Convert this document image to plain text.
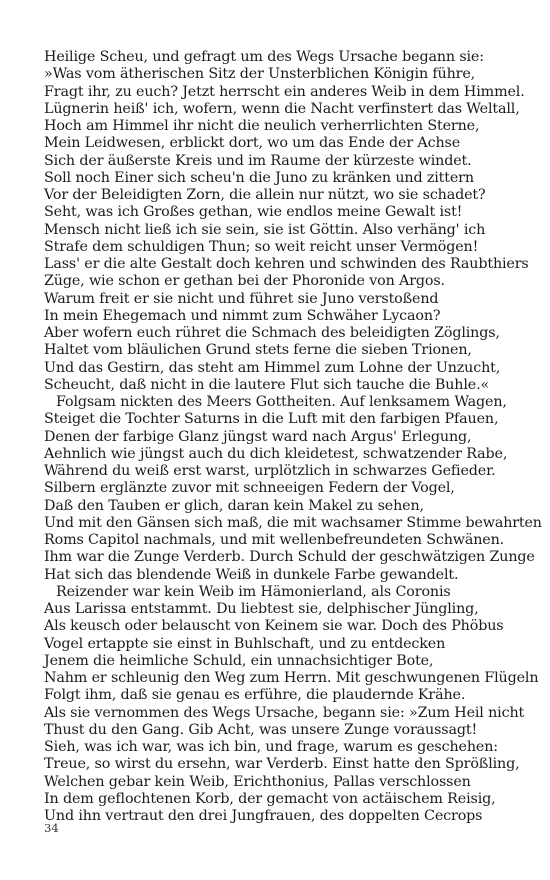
Heilige Scheu, und gefragt um des Wegs Ursache begann sie:
»Was vom ätherischen Sitz der Unsterblichen Königin führe,
Fragt ihr, zu euch? Jetzt herrscht ein anderes Weib in dem Himmel.
Lügnerin heiß' ich, wofern, wenn die Nacht verfinstert das Weltall,
Hoch am Himmel ihr nicht die neulich verherrlichten Sterne,
Mein Leidwesen, erblickt dort, wo um das Ende der Achse
Sich der äußerste Kreis und im Raume der kürzeste windet.
Soll noch Einer sich scheu'n die Juno zu kränken und zittern
Vor der Beleidigten Zorn, die allein nur nützt, wo sie schadet?
Seht, was ich Großes gethan, wie endlos meine Gewalt ist!
Mensch nicht ließ ich sie sein, sie ist Göttin. Also verhäng' ich
Strafe dem schuldigen Thun; so weit reicht unser Vermögen!
Lass' er die alte Gestalt doch kehren und schwinden des Raubthiers
Züge, wie schon er gethan bei der Phoronide von Argos.
Warum freit er sie nicht und führet sie Juno verstoßend
In mein Ehegemach und nimmt zum Schwäher Lycaon?
Aber wofern euch rühret die Schmach des beleidigten Zöglings,
Haltet vom bläulichen Grund stets ferne die sieben Trionen,
Und das Gestirn, das steht am Himmel zum Lohne der Unzucht,
Scheucht, daß nicht in die lautere Flut sich tauche die Buhle.«
Folgsam nickten des Meers Gottheiten. Auf lenksamem Wagen,
Steiget die Tochter Saturns in die Luft mit den farbigen Pfauen,
Denen der farbige Glanz jüngst ward nach Argus' Erlegung,
Aehnlich wie jüngst auch du dich kleidetest, schwatzender Rabe,
Während du weiß erst warst, urplötzlich in schwarzes Gefieder.
Silbern erglänzte zuvor mit schneeigen Federn der Vogel,
Daß den Tauben er glich, daran kein Makel zu sehen,
Und mit den Gänsen sich maß, die mit wachsamer Stimme bewahrten
Roms Capitol nachmals, und mit wellenbefreundeten Schwänen.
Ihm war die Zunge Verderb. Durch Schuld der geschwätzigen Zunge
Hat sich das blendende Weiß in dunkele Farbe gewandelt.
Reizender war kein Weib im Hämonierland, als Coronis
Aus Larissa entstammt. Du liebtest sie, delphischer Jüngling,
Als keusch oder belauscht von Keinem sie war. Doch des Phöbus
Vogel ertappte sie einst in Buhlschaft, und zu entdecken
Jenem die heimliche Schuld, ein unnachsichtiger Bote,
Nahm er schleunig den Weg zum Herrn. Mit geschwungenen Flügeln
Folgt ihm, daß sie genau es erführe, die plaudernde Krähe.
Als sie vernommen des Wegs Ursache, begann sie: »Zum Heil nicht
Thust du den Gang. Gib Acht, was unsere Zunge voraussagt!
Sieh, was ich war, was ich bin, und frage, warum es geschehen:
Treue, so wirst du ersehn, war Verderb. Einst hatte den Sprößling,
Welchen gebar kein Weib, Erichthonius, Pallas verschlossen
In dem geflochtenen Korb, der gemacht von actäischem Reisig,
Und ihn vertraut den drei Jungfrauen, des doppelten Cecrops
34
